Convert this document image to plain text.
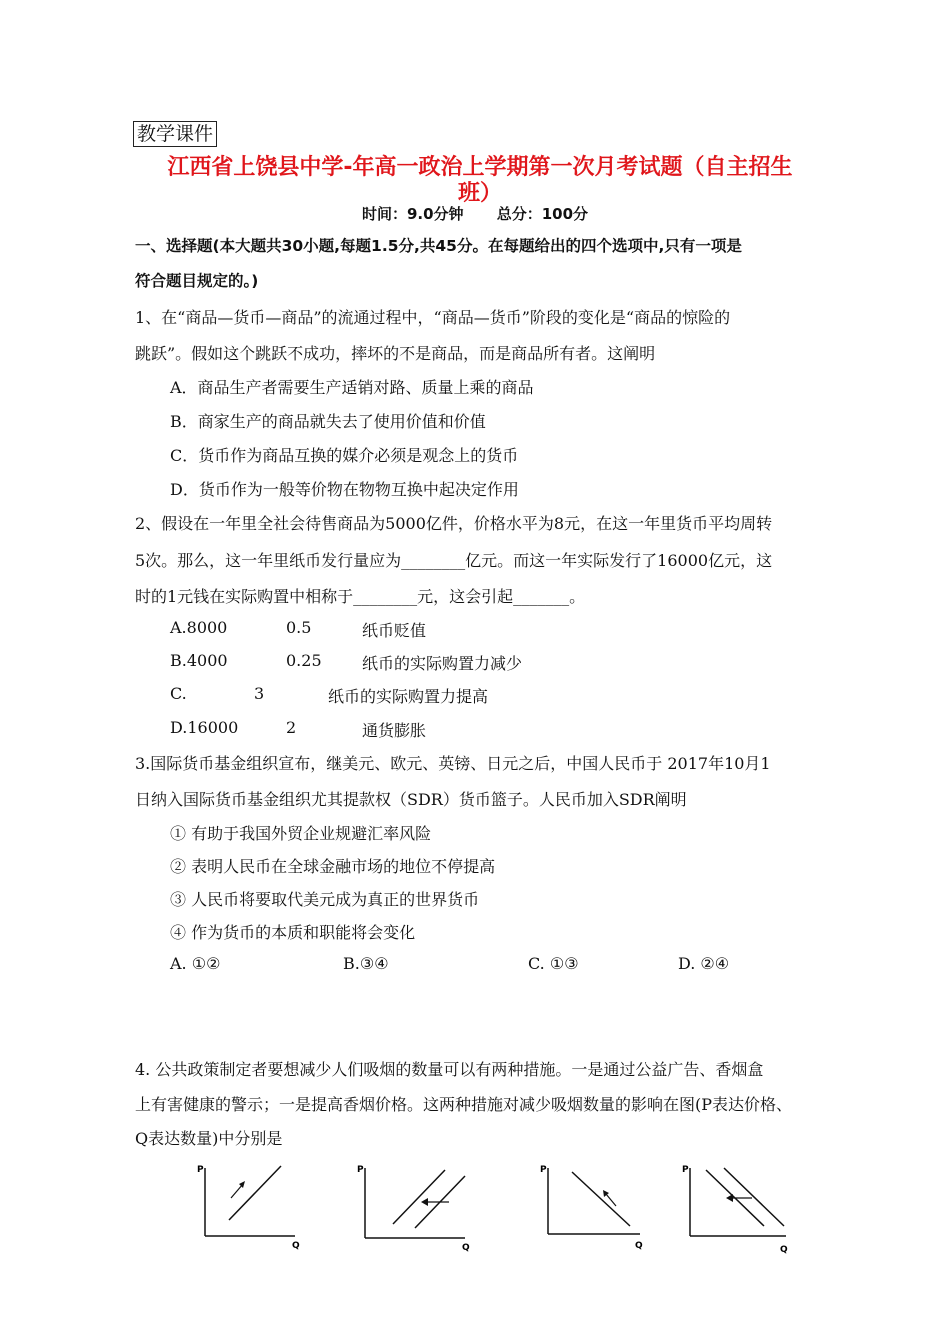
教学课件
江西省上饶县中学-年高一政治上学期第一次月考试题（自主招生
班）
时间：9.0分钟 总分：100分
一、选择题(本大题共30小题,每题1.5分,共45分。在每题给出的四个选项中,只有一项是
符合题目规定的。)
1、在“商品—货币—商品”的流通过程中，“商品—货币”阶段的变化是“商品的惊险的
跳跃”。假如这个跳跃不成功，摔坏的不是商品，而是商品所有者。这阐明
A．商品生产者需要生产适销对路、质量上乘的商品
B．商家生产的商品就失去了使用价值和价值
C．货币作为商品互换的媒介必须是观念上的货币
D．货币作为一般等价物在物物互换中起决定作用
2、假设在一年里全社会待售商品为5000亿件，价格水平为8元，在这一年里货币平均周转
5次。那么，这一年里纸币发行量应为________亿元。而这一年实际发行了16000亿元，这
时的1元钱在实际购置中相称于________元，这会引起_______。
A.8000	0.5	纸币贬值
B.4000	0.25	纸币的实际购置力减少
C.	3	纸币的实际购置力提高
D.16000	2	通货膨胀
3.国际货币基金组织宣布，继美元、欧元、英镑、日元之后，中国人民币于 2017年10月1
日纳入国际货币基金组织尤其提款权（SDR）货币篮子。人民币加入SDR阐明
① 有助于我国外贸企业规避汇率风险
② 表明人民币在全球金融市场的地位不停提高
③ 人民币将要取代美元成为真正的世界货币
④ 作为货币的本质和职能将会变化
A. ①②	B.③④	C. ①③	D. ②④
4. 公共政策制定者要想减少人们吸烟的数量可以有两种措施。一是通过公益广告、香烟盒
上有害健康的警示；一是提高香烟价格。这两种措施对减少吸烟数量的影响在图(P表达价格、
Q表达数量)中分别是
P
Q
P
Q
P
Q
P
Q
